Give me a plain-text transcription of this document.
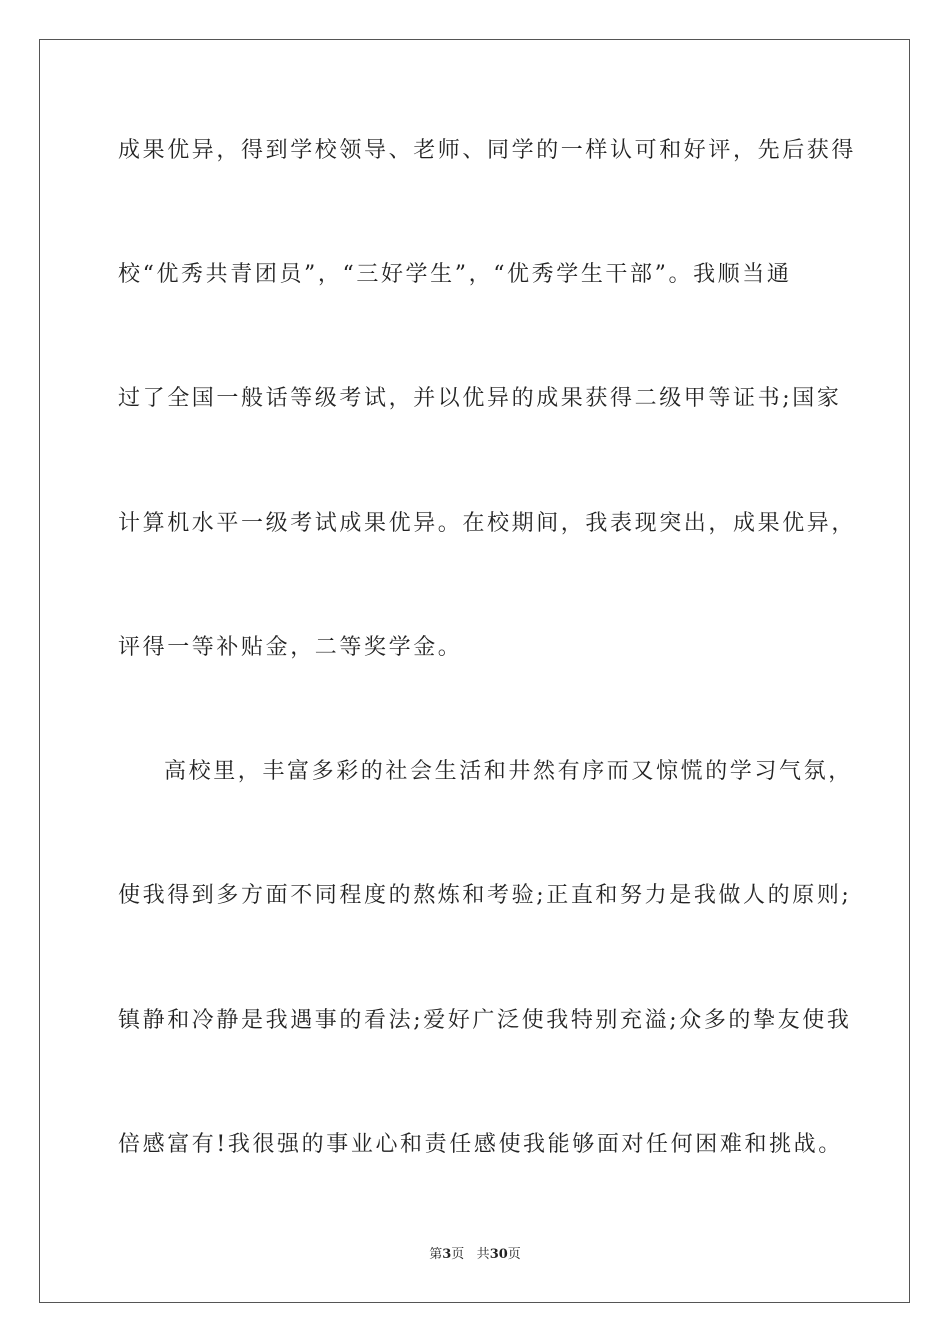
成果优异，得到学校领导、老师、同学的一样认可和好评，先后获得
校“优秀共青团员”，“三好学生”，“优秀学生干部”。我顺当通
过了全国一般话等级考试，并以优异的成果获得二级甲等证书;国家
计算机水平一级考试成果优异。在校期间，我表现突出，成果优异，
评得一等补贴金，二等奖学金。
高校里，丰富多彩的社会生活和井然有序而又惊慌的学习气氛，
使我得到多方面不同程度的熬炼和考验;正直和努力是我做人的原则;
镇静和冷静是我遇事的看法;爱好广泛使我特别充溢;众多的挚友使我
倍感富有!我很强的事业心和责任感使我能够面对任何困难和挑战。
第3页 共30页
